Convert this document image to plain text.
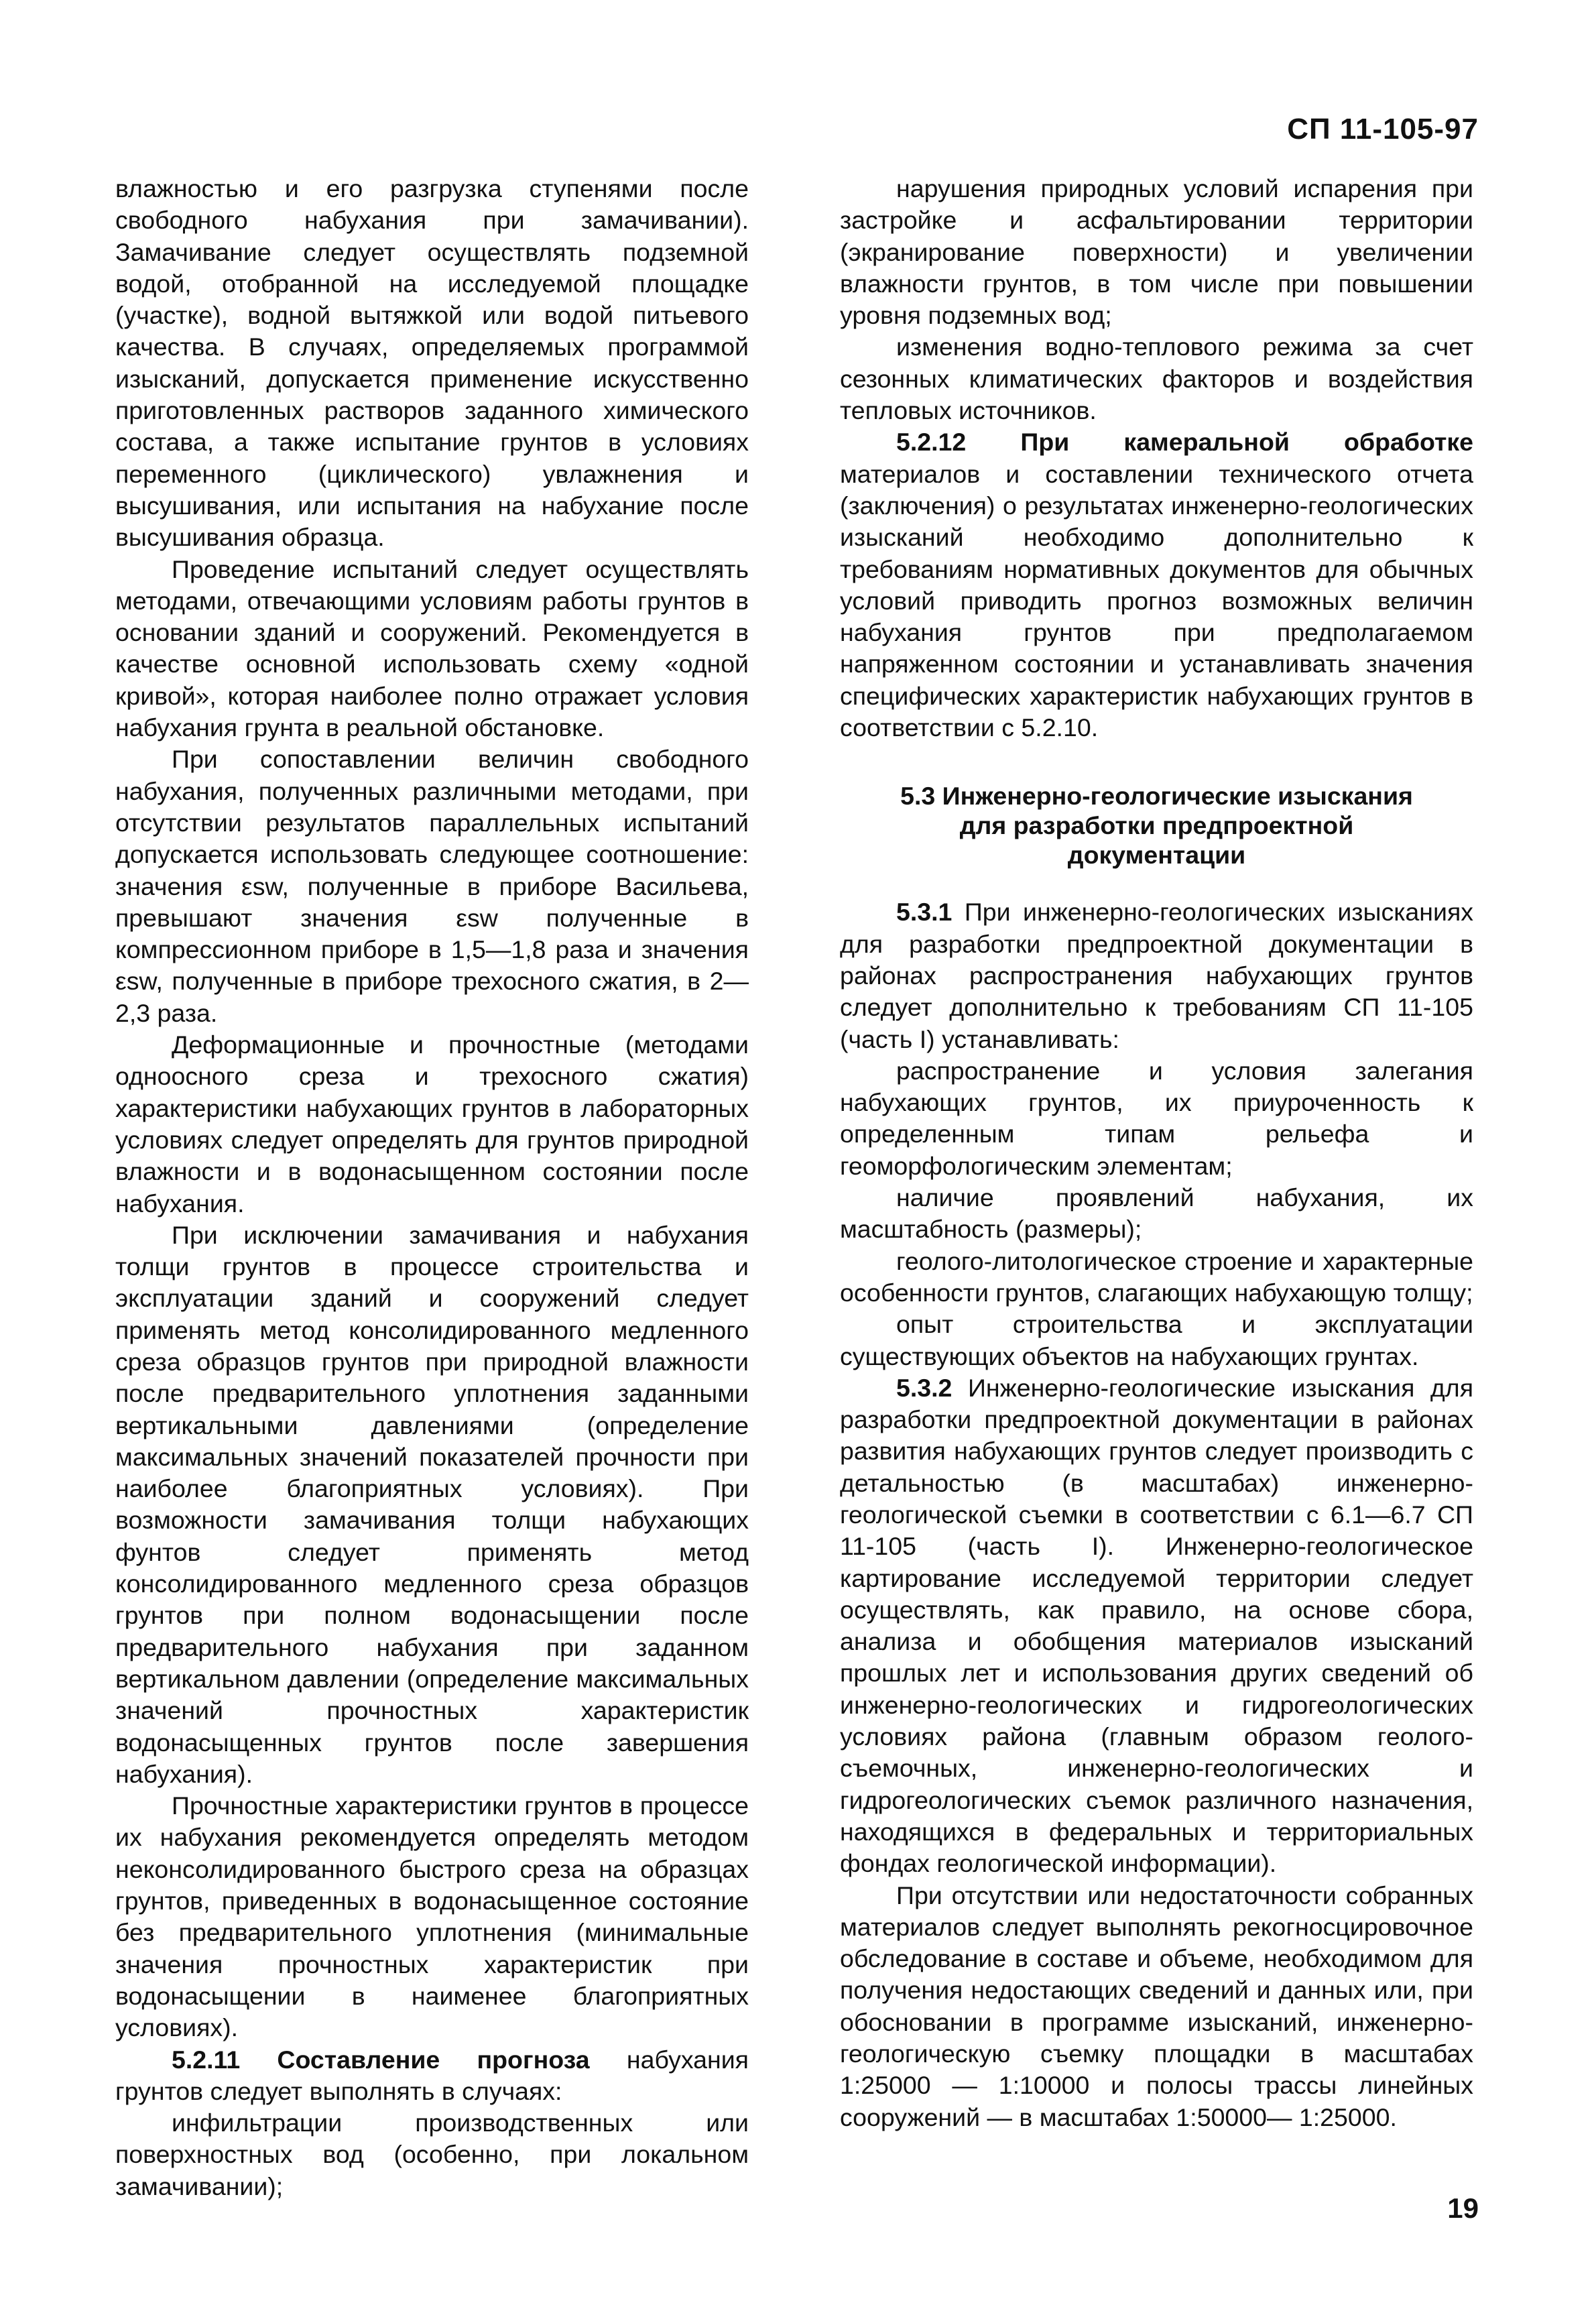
СП 11-105-97

влажностью и его разгрузка ступенями после свободного набухания при замачивании). Замачивание следует осуществлять подземной водой, отобранной на исследуемой площадке (участке), водной вытяжкой или водой питьевого качества. В случаях, определяемых программой изысканий, допускается применение искусственно приготовленных растворов заданного химического состава, а также испытание грунтов в условиях переменного (циклического) увлажнения и высушивания, или испытания на набухание после высушивания образца.

Проведение испытаний следует осуществлять методами, отвечающими условиям работы грунтов в основании зданий и сооружений. Рекомендуется в качестве основной использовать схему «одной кривой», которая наиболее полно отражает условия набухания грунта в реальной обстановке.

При сопоставлении величин свободного набухания, полученных различными методами, при отсутствии результатов параллельных испытаний допускается использовать следующее соотношение: значения εsw, полученные в приборе Васильева, превышают значения εsw полученные в компрессионном приборе в 1,5—1,8 раза и значения εsw, полученные в приборе трехосного сжатия, в 2—2,3 раза.

Деформационные и прочностные (методами одноосного среза и трехосного сжатия) характеристики набухающих грунтов в лабораторных условиях следует определять для грунтов природной влажности и в водонасыщенном состоянии после набухания.

При исключении замачивания и набухания толщи грунтов в процессе строительства и эксплуатации зданий и сооружений следует применять метод консолидированного медленного среза образцов грунтов при природной влажности после предварительного уплотнения заданными вертикальными давлениями (определение максимальных значений показателей прочности при наиболее благоприятных условиях). При возможности замачивания толщи набухающих фунтов следует применять метод консолидированного медленного среза образцов грунтов при полном водонасыщении после предварительного набухания при заданном вертикальном давлении (определение максимальных значений прочностных характеристик водонасыщенных грунтов после завершения набухания).

Прочностные характеристики грунтов в процессе их набухания рекомендуется определять методом неконсолидированного быстрого среза на образцах грунтов, приведенных в водонасыщенное состояние без предварительного уплотнения (минимальные значения прочностных характеристик при водонасыщении в наименее благоприятных условиях).

5.2.11 Составление прогноза набухания грунтов следует выполнять в случаях:

инфильтрации производственных или поверхностных вод (особенно, при локальном замачивании);

нарушения природных условий испарения при застройке и асфальтировании территории (экранирование поверхности) и увеличении влажности грунтов, в том числе при повышении уровня подземных вод;

изменения водно-теплового режима за счет сезонных климатических факторов и воздействия тепловых источников.

5.2.12 При камеральной обработке материалов и составлении технического отчета (заключения) о результатах инженерно-геологических изысканий необходимо дополнительно к требованиям нормативных документов для обычных условий приводить прогноз возможных величин набухания грунтов при предполагаемом напряженном состоянии и устанавливать значения специфических характеристик набухающих грунтов в соответствии с 5.2.10.

5.3 Инженерно-геологические изыскания
для разработки предпроектной
документации

5.3.1 При инженерно-геологических изысканиях для разработки предпроектной документации в районах распространения набухающих грунтов следует дополнительно к требованиям СП 11-105 (часть I) устанавливать:

распространение и условия залегания набухающих грунтов, их приуроченность к определенным типам рельефа и геоморфологическим элементам;

наличие проявлений набухания, их масштабность (размеры);

геолого-литологическое строение и характерные особенности грунтов, слагающих набухающую толщу;

опыт строительства и эксплуатации существующих объектов на набухающих грунтах.

5.3.2 Инженерно-геологические изыскания для разработки предпроектной документации в районах развития набухающих грунтов следует производить с детальностью (в масштабах) инженерно-геологической съемки в соответствии с 6.1—6.7 СП 11-105 (часть I). Инженерно-геологическое картирование исследуемой территории следует осуществлять, как правило, на основе сбора, анализа и обобщения материалов изысканий прошлых лет и использования других сведений об инженерно-геологических и гидрогеологических условиях района (главным образом геолого-съемочных, инженерно-геологических и гидрогеологических съемок различного назначения, находящихся в федеральных и территориальных фондах геологической информации).

При отсутствии или недостаточности собранных материалов следует выполнять рекогносцировочное обследование в составе и объеме, необходимом для получения недостающих сведений и данных или, при обосновании в программе изысканий, инженерно-геологическую съемку площадки в масштабах 1:25000 — 1:10000 и полосы трассы линейных сооружений — в масштабах 1:50000— 1:25000.

19
